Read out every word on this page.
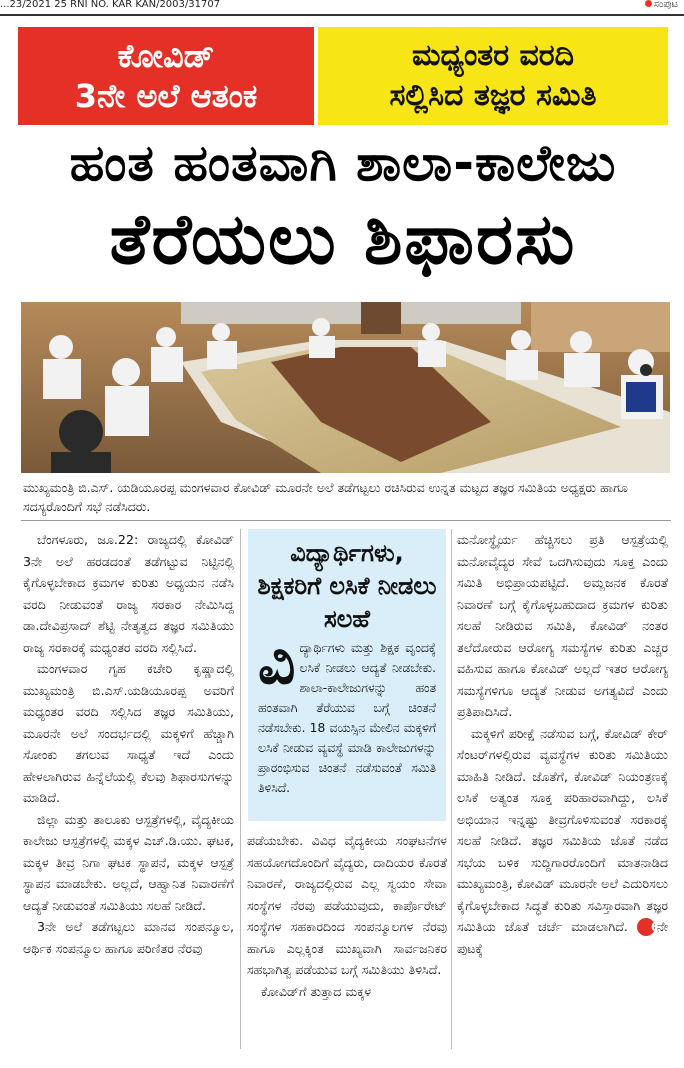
...23/2021 25 RNI NO. KAR KAN/2003/31707	ಸಂಪುಟ
ಕೋವಿಡ್
3ನೇ ಅಲೆ ಆತಂಕ
ಮಧ್ಯಂತರ ವರದಿ
ಸಲ್ಲಿಸಿದ ತಜ್ಞರ ಸಮಿತಿ
ಹಂತ ಹಂತವಾಗಿ ಶಾಲಾ-ಕಾಲೇಜು
ತೆರೆಯಲು ಶಿಫಾರಸು
ಮುಖ್ಯಮಂತ್ರಿ ಬಿ.ಎಸ್. ಯಡಿಯೂರಪ್ಪ ಮಂಗಳವಾರ ಕೋವಿಡ್ ಮೂರನೇ ಅಲೆ ತಡೆಗಟ್ಟಲು ರಚಿಸಿರುವ ಉನ್ನತ ಮಟ್ಟದ ತಜ್ಞರ ಸಮಿತಿಯ ಅಧ್ಯಕ್ಷರು ಹಾಗೂ ಸದಸ್ಯರೊಂದಿಗೆ ಸಭೆ ನಡೆಸಿದರು.

ಬೆಂಗಳೂರು, ಜೂ.22: ರಾಜ್ಯದಲ್ಲಿ ಕೋವಿಡ್ 3ನೇ ಅಲೆ ಹರಡದಂತೆ ತಡೆಗಟ್ಟುವ ನಿಟ್ಟಿನಲ್ಲಿ ಕೈಗೊಳ್ಳಬೇಕಾದ ಕ್ರಮಗಳ ಕುರಿತು ಅಧ್ಯಯನ ನಡೆಸಿ ವರದಿ ನೀಡುವಂತೆ ರಾಜ್ಯ ಸರಕಾರ ನೇಮಿಸಿದ್ದ ಡಾ.ದೇವಿಪ್ರಸಾದ್ ಶೆಟ್ಟಿ ನೇತೃತ್ವದ ತಜ್ಞರ ಸಮಿತಿಯು ರಾಜ್ಯ ಸರಕಾರಕ್ಕೆ ಮಧ್ಯಂತರ ವರದಿ ಸಲ್ಲಿಸಿದೆ.

ಮಂಗಳವಾರ ಗೃಹ ಕಚೇರಿ ಕೃಷ್ಣಾದಲ್ಲಿ ಮುಖ್ಯಮಂತ್ರಿ ಬಿ.ಎಸ್.ಯಡಿಯೂರಪ್ಪ ಅವರಿಗೆ ಮಧ್ಯಂತರ ವರದಿ ಸಲ್ಲಿಸಿದ ತಜ್ಞರ ಸಮಿತಿಯು, ಮೂರನೇ ಅಲೆ ಸಂದರ್ಭದಲ್ಲಿ ಮಕ್ಕಳಿಗೆ ಹೆಚ್ಚಾಗಿ ಸೋಂಕು ತಗಲುವ ಸಾಧ್ಯತೆ ಇದೆ ಎಂದು ಹೇಳಲಾಗಿರುವ ಹಿನ್ನೆಲೆಯಲ್ಲಿ ಕೆಲವು ಶಿಫಾರಸುಗಳನ್ನು ಮಾಡಿದೆ.

ಜಿಲ್ಲಾ ಮತ್ತು ತಾಲೂಕು ಆಸ್ಪತ್ರೆಗಳಲ್ಲಿ, ವೈದ್ಯಕೀಯ ಕಾಲೇಜು ಆಸ್ಪತ್ರೆಗಳಲ್ಲಿ ಮಕ್ಕಳ ಎಚ್.ಡಿ.ಯು. ಘಟಕ, ಮಕ್ಕಳ ತೀವ್ರ ನಿಗಾ ಘಟಕ ಸ್ಥಾಪನೆ, ಮಕ್ಕಳ ಆಸ್ಪತ್ರೆ ಸ್ಥಾಪನ ಮಾಡಬೇಕು. ಅಲ್ಲದೆ, ಆಹ್ವಾನಿತ ನಿವಾರಣೆಗೆ ಆದ್ಯತೆ ನೀಡುವಂತೆ ಸಮಿತಿಯು ಸಲಹೆ ನೀಡಿದೆ.

3ನೇ ಅಲೆ ತಡೆಗಟ್ಟಲು ಮಾನವ ಸಂಪನ್ಮೂಲ, ಆರ್ಥಿಕ ಸಂಪನ್ಮೂಲ ಹಾಗೂ ಪರಿಣಿತರ ನೆರವು

ವಿದ್ಯಾರ್ಥಿಗಳು, ಶಿಕ್ಷಕರಿಗೆ ಲಸಿಕೆ ನೀಡಲು ಸಲಹೆ
ವಿದ್ಯಾರ್ಥಿಗಳು ಮತ್ತು ಶಿಕ್ಷಕ ವೃಂದಕ್ಕೆ ಲಸಿಕೆ ನೀಡಲು ಆದ್ಯತೆ ನೀಡಬೇಕು. ಶಾಲಾ-ಕಾಲೇಜುಗಳನ್ನು ಹಂತ ಹಂತವಾಗಿ ತೆರೆಯುವ ಬಗ್ಗೆ ಚಿಂತನೆ ನಡೆಸಬೇಕು. 18 ವಯಸ್ಸಿನ ಮೇಲಿನ ಮಕ್ಕಳಿಗೆ ಲಸಿಕೆ ನೀಡುವ ವ್ಯವಸ್ಥೆ ಮಾಡಿ ಕಾಲೇಜುಗಳನ್ನು ಪ್ರಾರಂಭಿಸುವ ಚಿಂತನೆ ನಡೆಸುವಂತೆ ಸಮಿತಿ ತಿಳಿಸಿದೆ.

ಪಡೆಯಬೇಕು. ವಿವಿಧ ವೈದ್ಯಕೀಯ ಸಂಘಟನೆಗಳ ಸಹಯೋಗದೊಂದಿಗೆ ವೈದ್ಯರು, ದಾದಿಯರ ಕೊರತೆ ನಿವಾರಣೆ, ರಾಜ್ಯದಲ್ಲಿರುವ ಎಲ್ಲ ಸ್ವಯಂ ಸೇವಾ ಸಂಸ್ಥೆಗಳ ನೆರವು ಪಡೆಯುವುದು, ಕಾರ್ಪೊರೇಟ್ ಸಂಸ್ಥೆಗಳ ಸಹಕಾರದಿಂದ ಸಂಪನ್ಮೂಲಗಳ ನೆರವು ಹಾಗೂ ಎಲ್ಲಕ್ಕಿಂತ ಮುಖ್ಯವಾಗಿ ಸಾರ್ವಜನಿಕರ ಸಹಭಾಗಿತ್ವ ಪಡೆಯುವ ಬಗ್ಗೆ ಸಮಿತಿಯು ತಿಳಿಸಿದೆ.

ಕೋವಿಡ್‌ಗೆ ತುತ್ತಾದ ಮಕ್ಕಳ

ಮನೋಸ್ಥೈರ್ಯ ಹೆಚ್ಚಿಸಲು ಪ್ರತಿ ಆಸ್ಪತ್ರೆಯಲ್ಲಿ ಮನೋವೈದ್ಯರ ಸೇವೆ ಒದಗಿಸುವುದು ಸೂಕ್ತ ಎಂದು ಸಮಿತಿ ಅಭಿಪ್ರಾಯಪಟ್ಟಿದೆ. ಅಮ್ಲಜನಕ ಕೊರತೆ ನಿವಾರಣೆ ಬಗ್ಗೆ ಕೈಗೊಳ್ಳಬಹುದಾದ ಕ್ರಮಗಳ ಕುರಿತು ಸಲಹೆ ನೀಡಿರುವ ಸಮಿತಿ, ಕೋವಿಡ್ ನಂತರ ತಲೆದೋರುವ ಆರೋಗ್ಯ ಸಮಸ್ಯೆಗಳ ಕುರಿತು ಎಚ್ಚರ ವಹಿಸುವ ಹಾಗೂ ಕೋವಿಡ್ ಅಲ್ಲದೆ ಇತರ ಆರೋಗ್ಯ ಸಮಸ್ಯೆಗಳಿಗೂ ಆದ್ಯತೆ ನೀಡುವ ಅಗತ್ಯವಿದೆ ಎಂದು ಪ್ರತಿಪಾದಿಸಿದೆ.

ಮಕ್ಕಳಿಗೆ ಪರೀಕ್ಷೆ ನಡೆಸುವ ಬಗ್ಗೆ, ಕೋವಿಡ್ ಕೇರ್ ಸೆಂಟರ್‌ಗಳಲ್ಲಿರುವ ವ್ಯವಸ್ಥೆಗಳ ಕುರಿತು ಸಮಿತಿಯು ಮಾಹಿತಿ ನೀಡಿದೆ. ಜೊತೆಗೆ, ಕೋವಿಡ್ ನಿಯಂತ್ರಣಕ್ಕೆ ಲಸಿಕೆ ಅತ್ಯಂತ ಸೂಕ್ತ ಪರಿಹಾರವಾಗಿದ್ದು, ಲಸಿಕೆ ಅಭಿಯಾನ ಇನ್ನಷ್ಟು ತೀವ್ರಗೊಳಿಸುವಂತೆ ಸರಕಾರಕ್ಕೆ ಸಲಹೆ ನೀಡಿದೆ. ತಜ್ಞರ ಸಮಿತಿಯ ಜೊತೆ ನಡೆದ ಸಭೆಯ ಬಳಿಕ ಸುದ್ದಿಗಾರರೊಂದಿಗೆ ಮಾತನಾಡಿದ ಮುಖ್ಯಮಂತ್ರಿ, ಕೋವಿಡ್ ಮೂರನೇ ಅಲೆ ಎದುರಿಸಲು ಕೈಗೊಳ್ಳಬೇಕಾದ ಸಿದ್ಧತೆ ಕುರಿತು ಸವಿಸ್ತಾರವಾಗಿ ತಜ್ಞರ ಸಮಿತಿಯ ಜೊತೆ ಚರ್ಚೆ ಮಾಡಲಾಗಿದೆ. 6ನೇ ಪುಟಕ್ಕೆ
